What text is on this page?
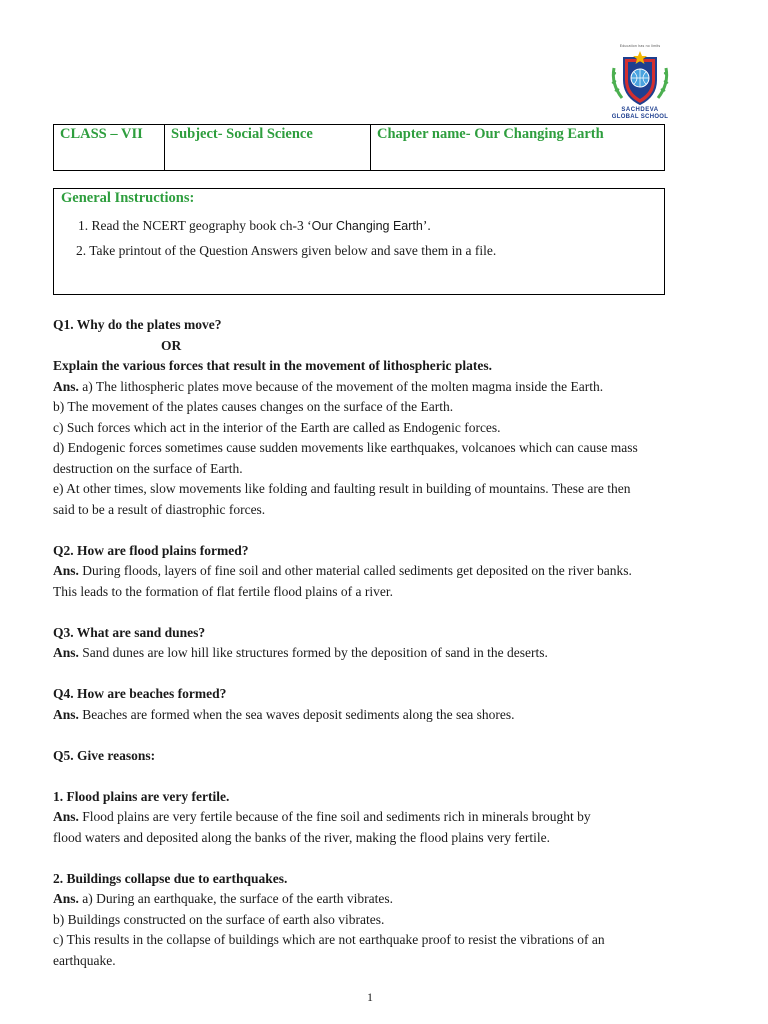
Education has no limits
SACHDEVA
GLOBAL SCHOOL
CLASS – VII	Subject- Social Science	Chapter name- Our Changing Earth
General Instructions:
1. Read the NCERT geography book ch-3 ‘Our Changing Earth’.
2. Take printout of the Question Answers given below and save them in a file.
Q1. Why do the plates move?
OR
Explain the various forces that result in the movement of lithospheric plates.
Ans. a) The lithospheric plates move because of the movement of the molten magma inside the Earth.
b) The movement of the plates causes changes on the surface of the Earth.
c) Such forces which act in the interior of the Earth are called as Endogenic forces.
d) Endogenic forces sometimes cause sudden movements like earthquakes, volcanoes which can cause mass
destruction on the surface of Earth.
e) At other times, slow movements like folding and faulting result in building of mountains. These are then
said to be a result of diastrophic forces.
Q2. How are flood plains formed?
Ans. During floods, layers of fine soil and other material called sediments get deposited on the river banks.
This leads to the formation of flat fertile flood plains of a river.
Q3. What are sand dunes?
Ans. Sand dunes are low hill like structures formed by the deposition of sand in the deserts.
Q4. How are beaches formed?
Ans. Beaches are formed when the sea waves deposit sediments along the sea shores.
Q5. Give reasons:
1. Flood plains are very fertile.
Ans. Flood plains are very fertile because of the fine soil and sediments rich in minerals brought by
flood waters and deposited along the banks of the river, making the flood plains very fertile.
2. Buildings collapse due to earthquakes.
Ans. a) During an earthquake, the surface of the earth vibrates.
b) Buildings constructed on the surface of earth also vibrates.
c) This results in the collapse of buildings which are not earthquake proof to resist the vibrations of an
earthquake.
1
